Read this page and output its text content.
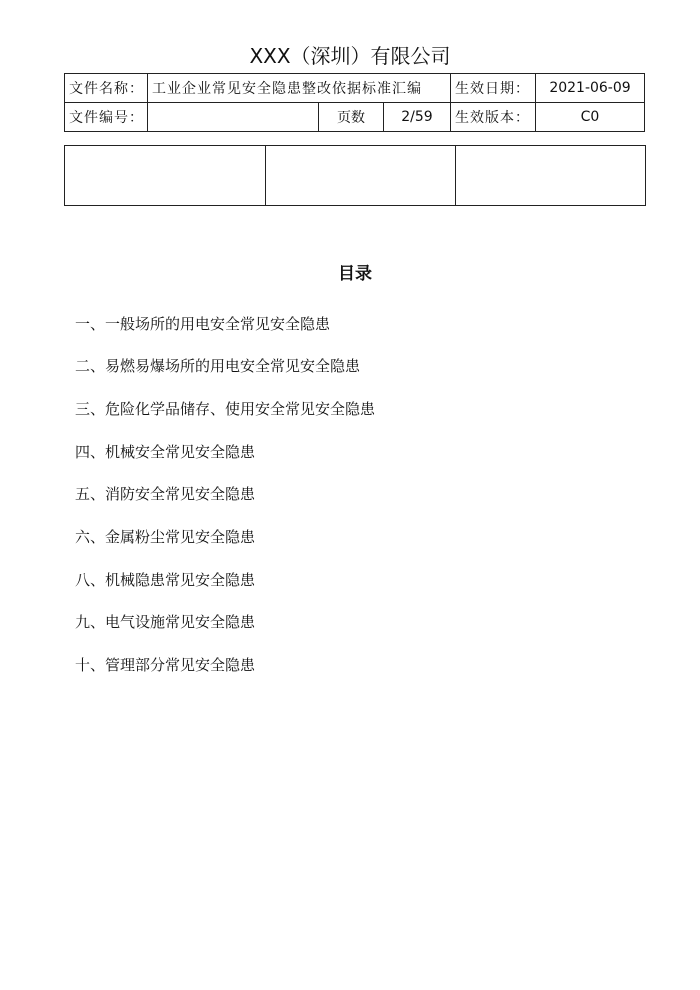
XXX（深圳）有限公司
文件名称：	工业企业常见安全隐患整改依据标准汇编			生效日期：	2021-06-09
文件编号：		页数	2/59	生效版本：	C0

目录
一、一般场所的用电安全常见安全隐患
二、易燃易爆场所的用电安全常见安全隐患
三、危险化学品储存、使用安全常见安全隐患
四、机械安全常见安全隐患
五、消防安全常见安全隐患
六、金属粉尘常见安全隐患
八、机械隐患常见安全隐患
九、电气设施常见安全隐患
十、管理部分常见安全隐患
